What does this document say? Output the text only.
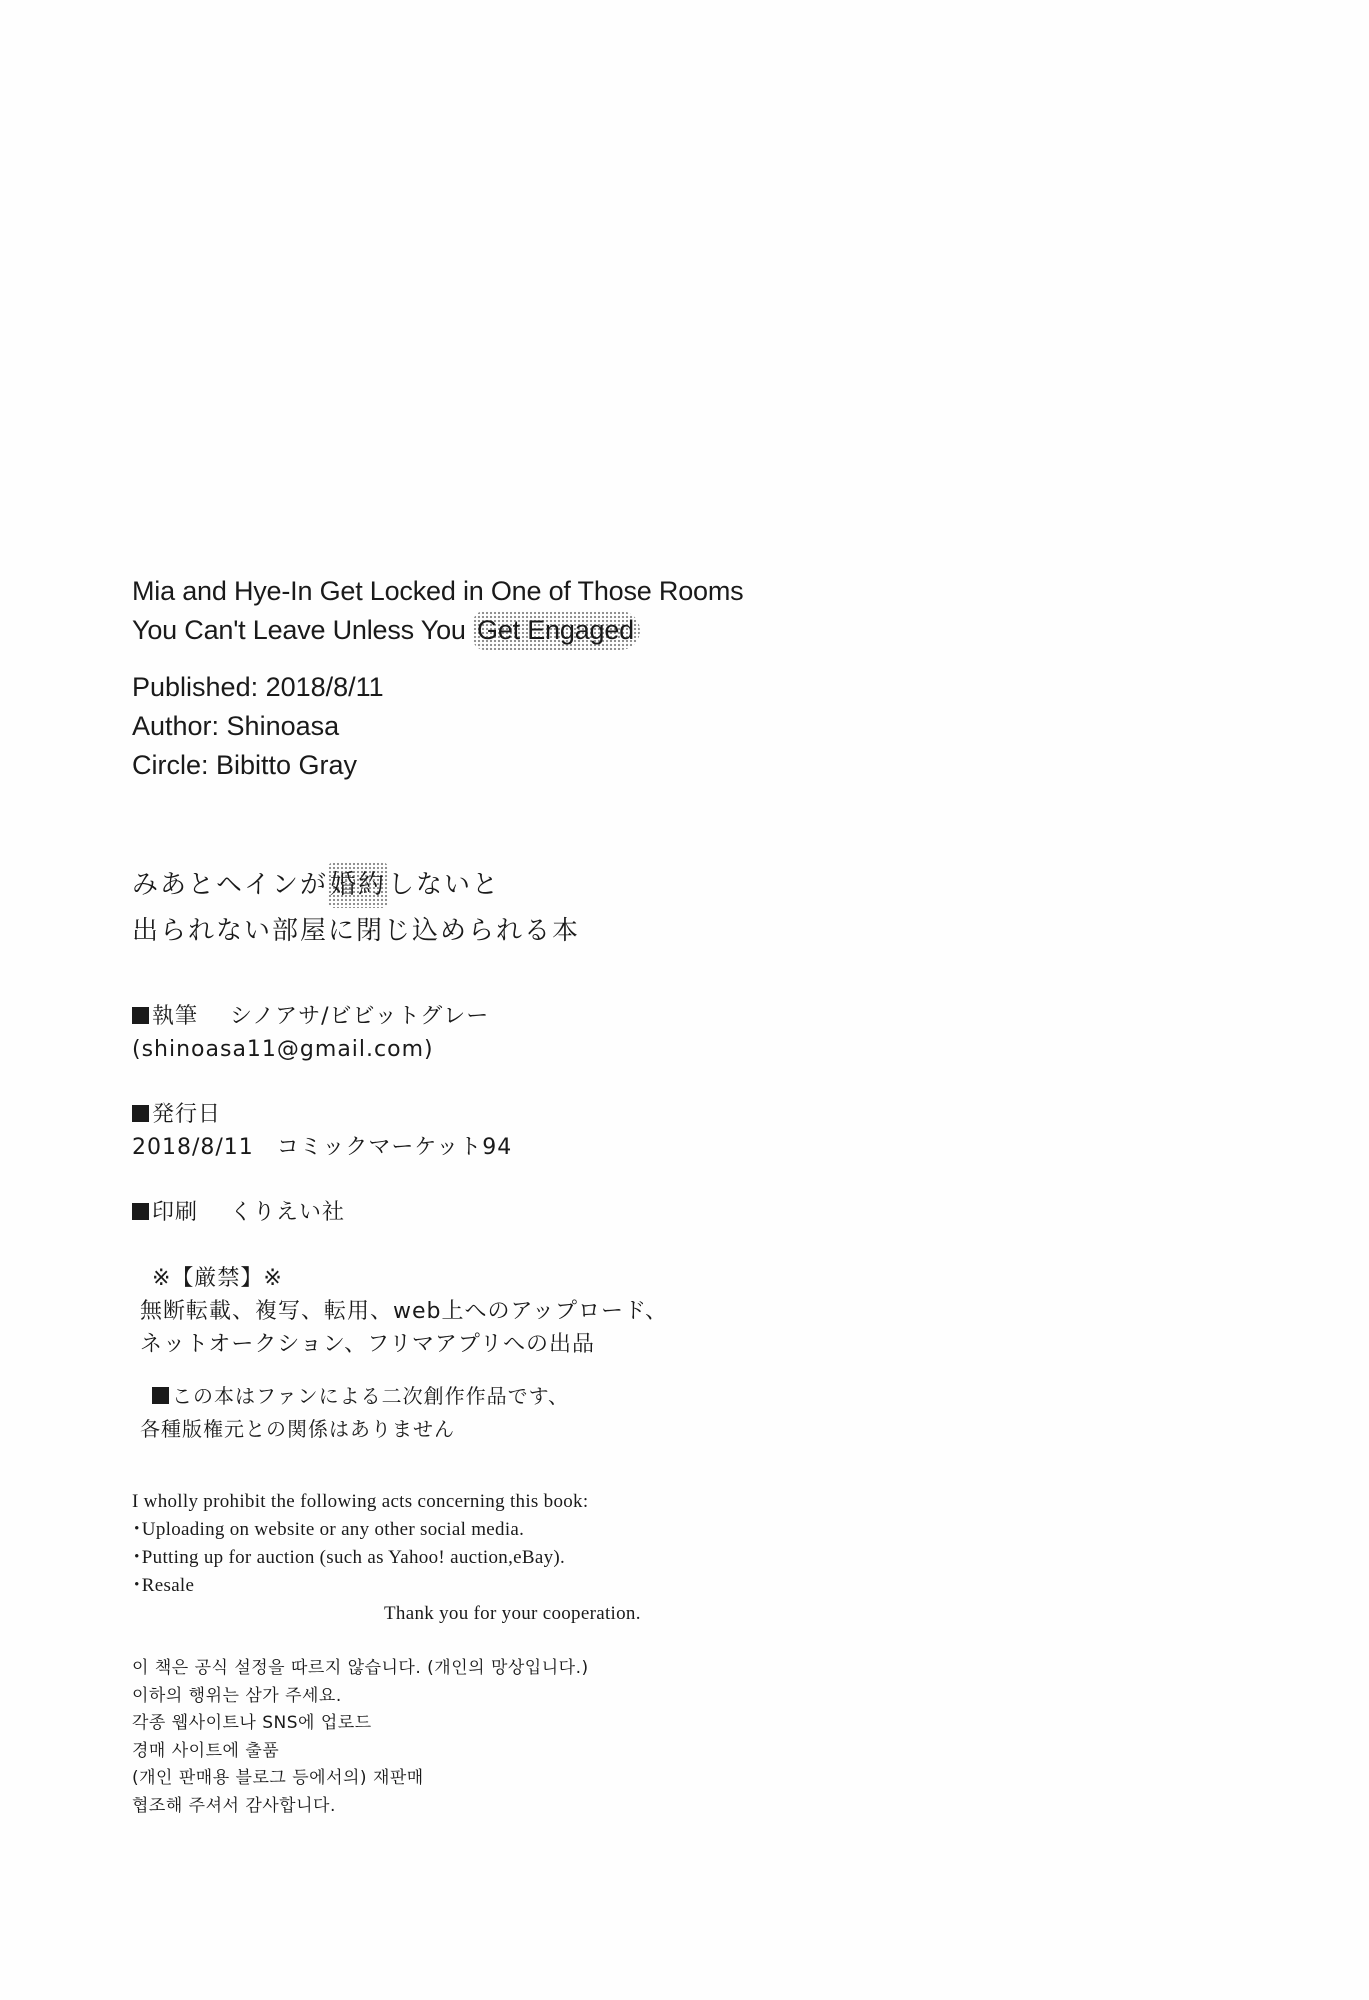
Mia and Hye-In Get Locked in One of Those Rooms
You Can't Leave Unless You Get Engaged
Published: 2018/8/11
Author: Shinoasa
Circle: Bibitto Gray
みあとヘインが婚約しないと
出られない部屋に閉じ込められる本
執筆 シノアサ/ビビットグレー
(shinoasa11@gmail.com)
発行日
2018/8/11　コミックマーケット94
印刷 くりえい社
※【厳禁】※
無断転載、複写、転用、web上へのアップロード、
ネットオークション、フリマアプリへの出品
この本はファンによる二次創作作品です、
各種版権元との関係はありません
I wholly prohibit the following acts concerning this book:
･Uploading on website or any other social media.
･Putting up for auction (such as Yahoo! auction,eBay).
･Resale
Thank you for your cooperation.
이 책은 공식 설정을 따르지 않습니다. (개인의 망상입니다.)
이하의 행위는 삼가 주세요.
각종 웹사이트나 SNS에 업로드
경매 사이트에 출품
(개인 판매용 블로그 등에서의) 재판매
협조해 주셔서 감사합니다.
